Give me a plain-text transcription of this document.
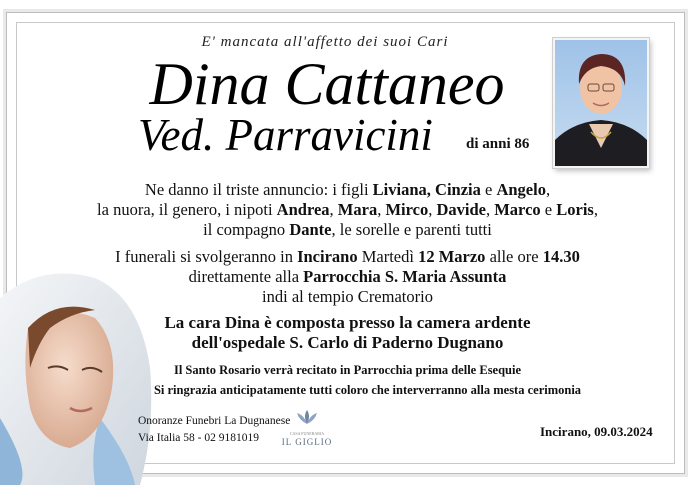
E' mancata all'affetto dei suoi Cari
Dina Cattaneo
Ved. Parravicini di anni 86
Ne danno il triste annuncio: i figli Liviana, Cinzia e Angelo,
la nuora, il genero, i nipoti Andrea, Mara, Mirco, Davide, Marco e Loris,
il compagno Dante, le sorelle e parenti tutti
I funerali si svolgeranno in Incirano Martedì 12 Marzo alle ore 14.30
direttamente alla Parrocchia S. Maria Assunta
indi al tempio Crematorio
La cara Dina è composta presso la camera ardente
dell'ospedale S. Carlo di Paderno Dugnano
Il Santo Rosario verrà recitato in Parrocchia prima delle Esequie
Si ringrazia anticipatamente tutti coloro che interverranno alla mesta cerimonia
Onoranze Funebri La Dugnanese
Via Italia 58 - 02 9181019	CASA FUNERARIA
IL GIGLIO
Incirano, 09.03.2024
